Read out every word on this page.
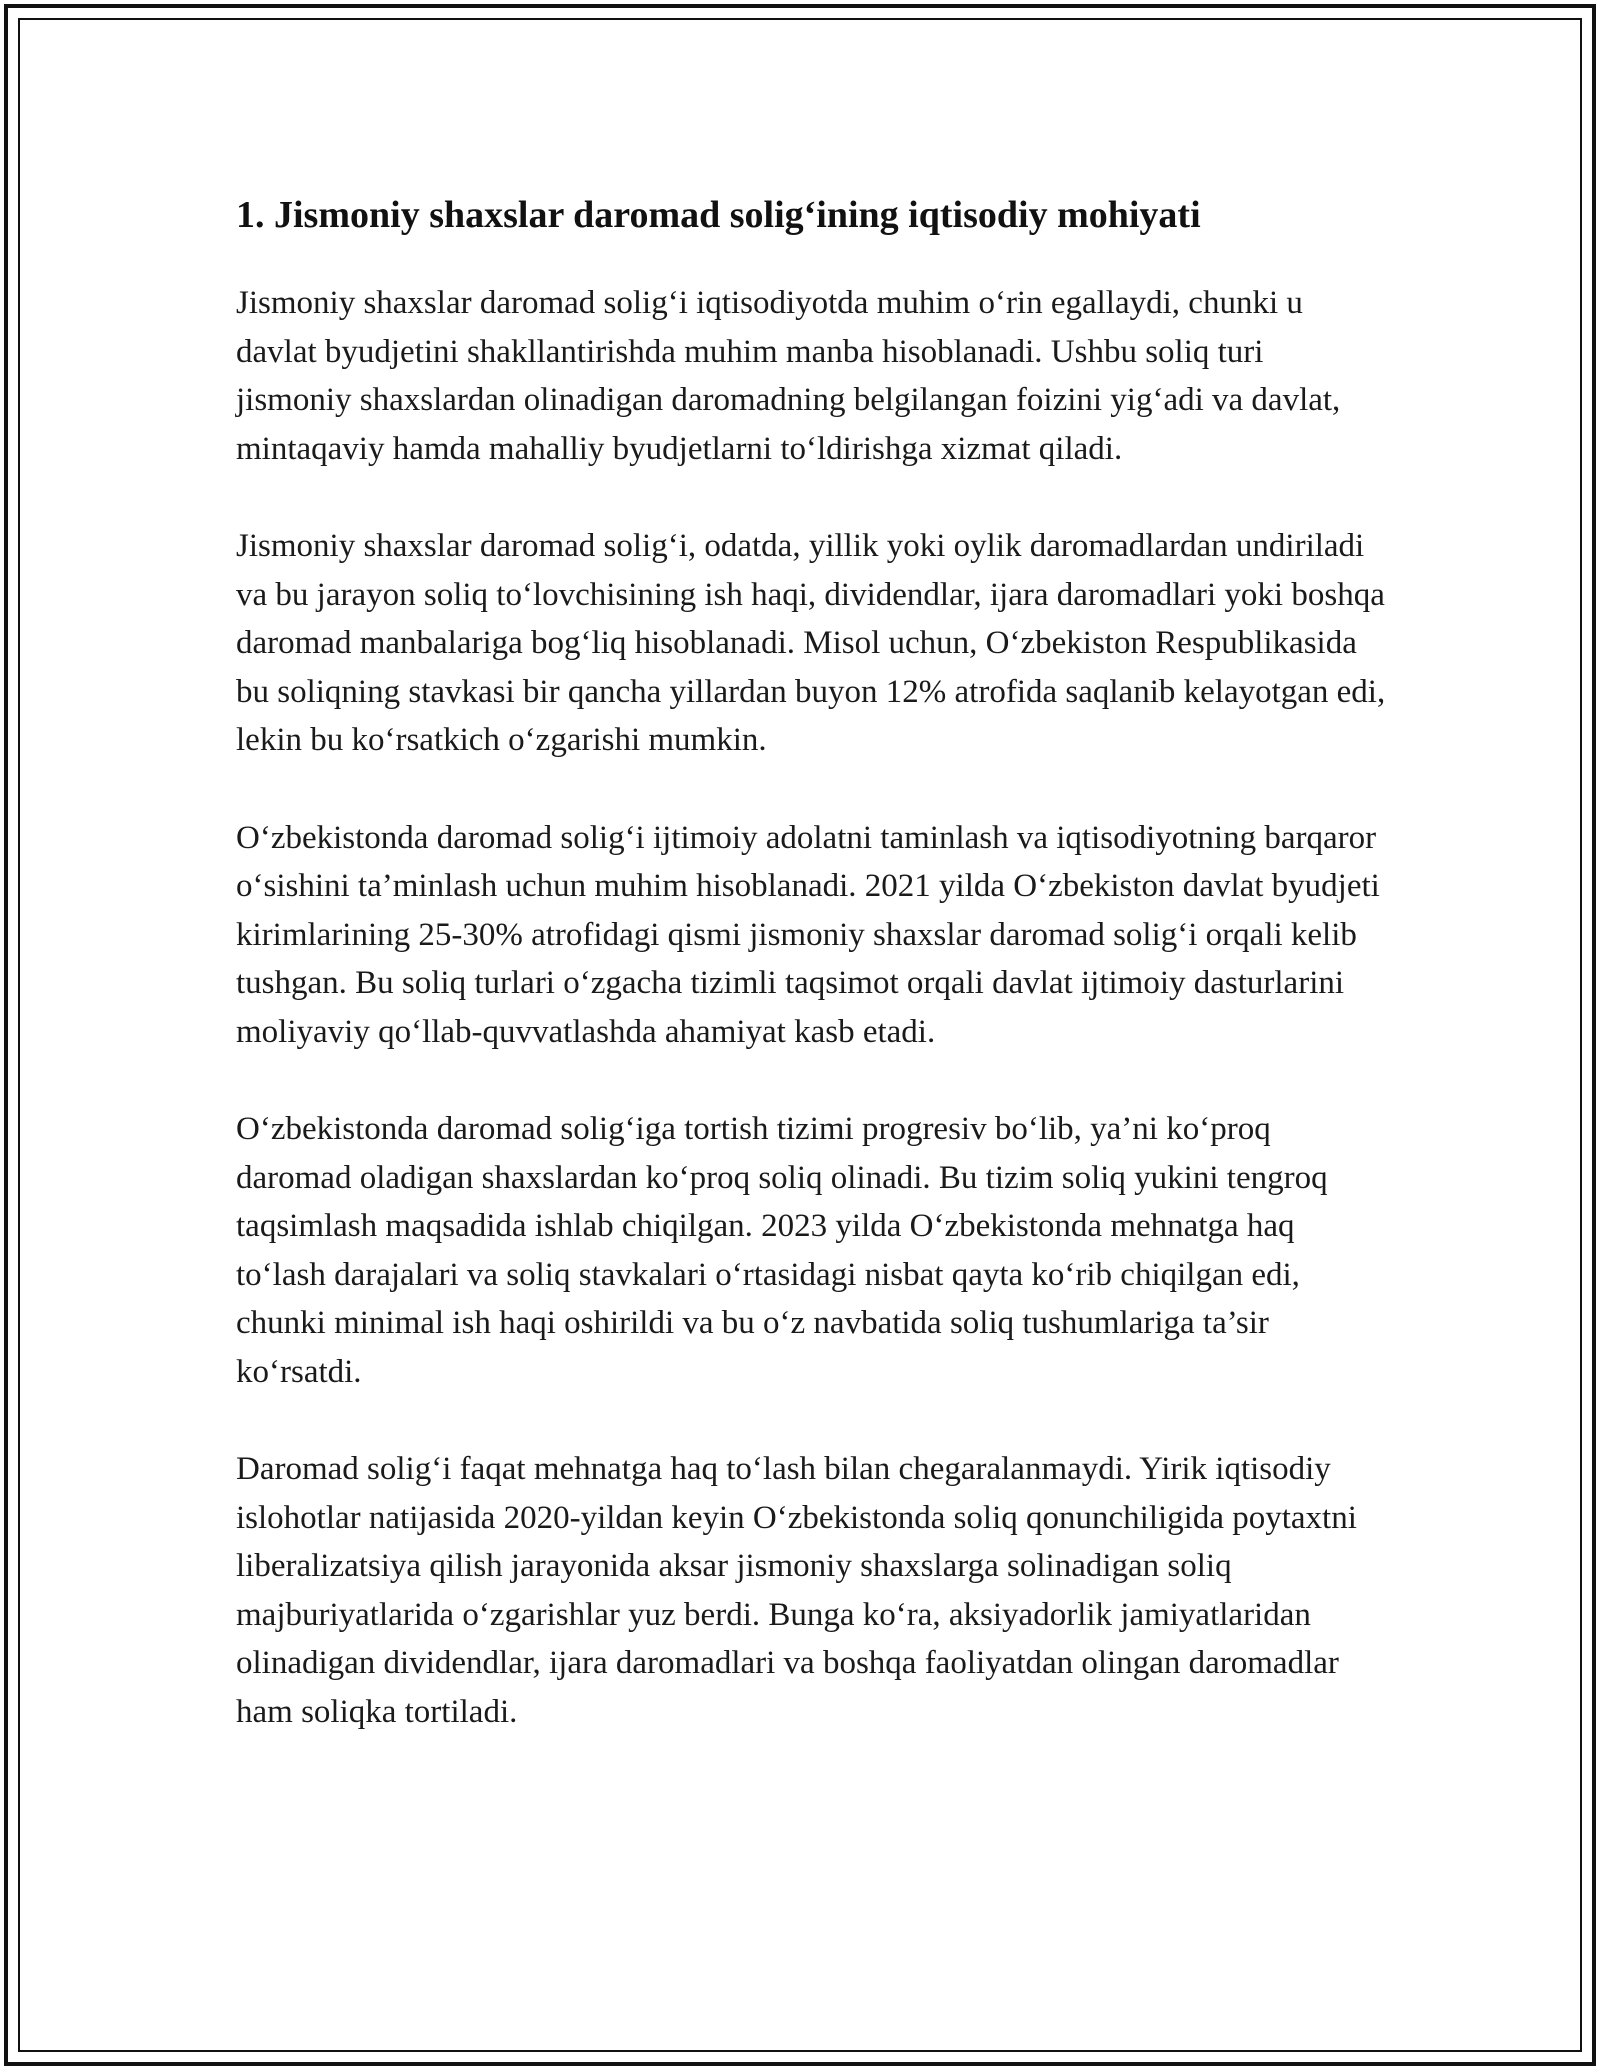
1. Jismoniy shaxslar daromad solig‘ining iqtisodiy mohiyati

Jismoniy shaxslar daromad solig‘i iqtisodiyotda muhim o‘rin egallaydi, chunki u davlat byudjetini shakllantirishda muhim manba hisoblanadi. Ushbu soliq turi jismoniy shaxslardan olinadigan daromadning belgilangan foizini yig‘adi va davlat, mintaqaviy hamda mahalliy byudjetlarni to‘ldirishga xizmat qiladi.

Jismoniy shaxslar daromad solig‘i, odatda, yillik yoki oylik daromadlardan undiriladi va bu jarayon soliq to‘lovchisining ish haqi, dividendlar, ijara daromadlari yoki boshqa daromad manbalariga bog‘liq hisoblanadi. Misol uchun, O‘zbekiston Respublikasida bu soliqning stavkasi bir qancha yillardan buyon 12% atrofida saqlanib kelayotgan edi, lekin bu ko‘rsatkich o‘zgarishi mumkin.

O‘zbekistonda daromad solig‘i ijtimoiy adolatni taminlash va iqtisodiyotning barqaror o‘sishini ta’minlash uchun muhim hisoblanadi. 2021 yilda O‘zbekiston davlat byudjeti kirimlarining 25-30% atrofidagi qismi jismoniy shaxslar daromad solig‘i orqali kelib tushgan. Bu soliq turlari o‘zgacha tizimli taqsimot orqali davlat ijtimoiy dasturlarini moliyaviy qo‘llab-quvvatlashda ahamiyat kasb etadi.

O‘zbekistonda daromad solig‘iga tortish tizimi progresiv bo‘lib, ya’ni ko‘proq daromad oladigan shaxslardan ko‘proq soliq olinadi. Bu tizim soliq yukini tengroq taqsimlash maqsadida ishlab chiqilgan. 2023 yilda O‘zbekistonda mehnatga haq to‘lash darajalari va soliq stavkalari o‘rtasidagi nisbat qayta ko‘rib chiqilgan edi, chunki minimal ish haqi oshirildi va bu o‘z navbatida soliq tushumlariga ta’sir ko‘rsatdi.

Daromad solig‘i faqat mehnatga haq to‘lash bilan chegaralanmaydi. Yirik iqtisodiy islohotlar natijasida 2020-yildan keyin O‘zbekistonda soliq qonunchiligida poytaxtni liberalizatsiya qilish jarayonida aksar jismoniy shaxslarga solinadigan soliq majburiyatlarida o‘zgarishlar yuz berdi. Bunga ko‘ra, aksiyadorlik jamiyatlaridan olinadigan dividendlar, ijara daromadlari va boshqa faoliyatdan olingan daromadlar ham soliqka tortiladi.
